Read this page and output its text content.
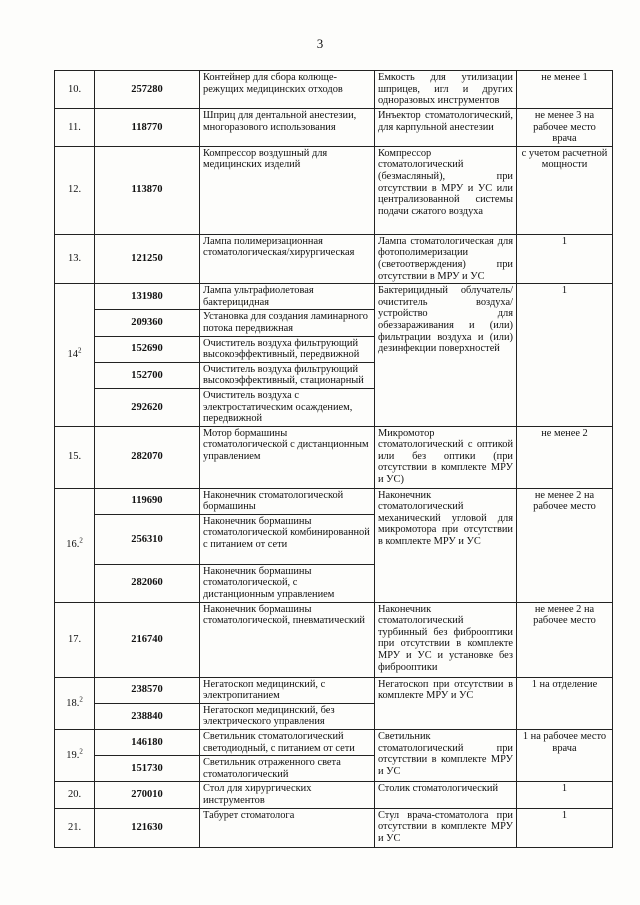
3
10.	257280	Контейнер для сбора колюще-режущих медицинских отходов	Емкость для утилизации шприцев, игл и других одноразовых инструментов	не менее 1
11.	118770	Шприц для дентальной анестезии, многоразового использования	Инъектор стоматологический, для карпульной анестезии	не менее 3 на рабочее место врача
12.	113870	Компрессор воздушный для медицинских изделий	Компрессор стоматологический (безмасляный), при отсутствии в МРУ и УС или централизованной системы подачи сжатого воздуха	с учетом расчетной мощности
13.	121250	Лампа полимеризационная стоматологическая/хирургическая	Лампа стоматологическая для фотополимеризации (светоотверждения) при отсутствии в МРУ и УС	1
$14^2$	131980	Лампа ультрафиолетовая бактерицидная	Бактерицидный облучатель/очиститель воздуха/устройство для обеззараживания и (или) фильтрации воздуха и (или) дезинфекции поверхностей	1
	209360	Установка для создания ламинарного потока передвижная		
	152690	Очиститель воздуха фильтрующий высокоэффективный, передвижной		
	152700	Очиститель воздуха фильтрующий высокоэффективный, стационарный		
	292620	Очиститель воздуха с электростатическим осаждением, передвижной		
15.	282070	Мотор бормашины стоматологической с дистанционным управлением	Микромотор стоматологический с оптикой или без оптики (при отсутствии в комплекте МРУ и УС)	не менее 2
16.$^2$	119690	Наконечник стоматологической бормашины	Наконечник стоматологический механический угловой для микромотора при отсутствии в комплекте МРУ и УС	не менее 2 на рабочее место
	256310	Наконечник бормашины стоматологической комбинированной с питанием от сети		
	282060	Наконечник бормашины стоматологической, с дистанционным управлением		
17.	216740	Наконечник бормашины стоматологической, пневматический	Наконечник стоматологический турбинный без фиброоптики при отсутствии в комплекте МРУ и УС и установке без фиброоптики	не менее 2 на рабочее место
18.$^2$	238570	Негатоскоп медицинский, с электропитанием	Негатоскоп при отсутствии в комплекте МРУ и УС	1 на отделение
	238840	Негатоскоп медицинский, без электрического управления		
19.$^2$	146180	Светильник стоматологический светодиодный, с питанием от сети	Светильник стоматологический при отсутствии в комплекте МРУ и УС	1 на рабочее место врача
	151730	Светильник отраженного света стоматологический		
20.	270010	Стол для хирургических инструментов	Столик стоматологический	1
21.	121630	Табурет стоматолога	Стул врача-стоматолога при отсутствии в комплекте МРУ и УС	1
